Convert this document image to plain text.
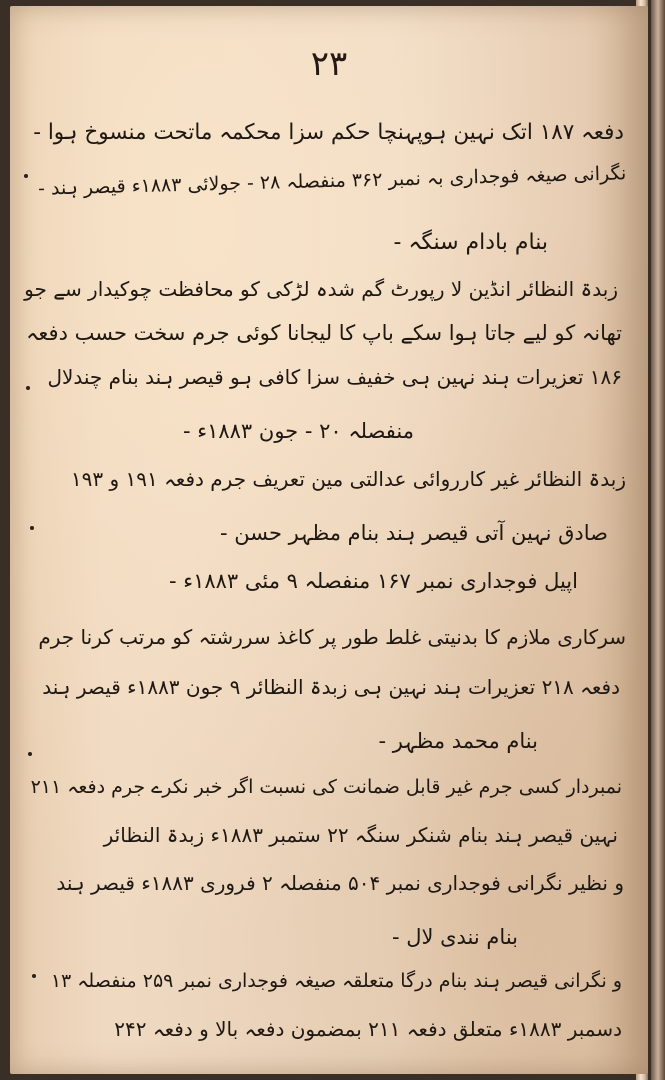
۲۳
دفعہ ۱۸۷ اتک نہین ہوپہنچا حکم سزا محکمہ ماتحت منسوخ ہوا -
نگرانی صیغہ فوجداری بہ نمبر ۳۶۲ منفصلہ ۲۸ - جولائی ۱۸۸۳ء قیصر ہند -
بنام بادام سنگہ -
زبدۃ النظائر انڈین لا رپورٹ گم شدہ لڑکی کو محافظت چوکیدار سے جو
تھانہ کو لیے جاتا ہوا سکے باپ کا لیجانا کوئی جرم سخت حسب دفعہ
۱۸۶ تعزیرات ہند نہین ہی خفیف سزا کافی ہو قیصر ہند بنام چندلال
منفصلہ ۲۰ - جون ۱۸۸۳ء -
زبدۃ النظائر غیر کارروائی عدالتی مین تعریف جرم دفعہ ۱۹۱ و ۱۹۳
صادق نہین آتی قیصر ہند بنام مظہر حسن -
اپیل فوجداری نمبر ۱۶۷ منفصلہ ۹ مئی ۱۸۸۳ء -
سرکاری ملازم کا بدنیتی غلط طور پر کاغذ سررشتہ کو مرتب کرنا جرم
دفعہ ۲۱۸ تعزیرات ہند نہین ہی زبدۃ النظائر ۹ جون ۱۸۸۳ء قیصر ہند
بنام محمد مظہر -
نمبردار کسی جرم غیر قابل ضمانت کی نسبت اگر خبر نکرے جرم دفعہ ۲۱۱
نہین قیصر ہند بنام شنکر سنگہ ۲۲ ستمبر ۱۸۸۳ء زبدۃ النظائر
و نظیر نگرانی فوجداری نمبر ۵۰۴ منفصلہ ۲ فروری ۱۸۸۳ء قیصر ہند
بنام نندی لال -
و نگرانی قیصر ہند بنام درگا متعلقہ صیغہ فوجداری نمبر ۲۵۹ منفصلہ ۱۳
دسمبر ۱۸۸۳ء متعلق دفعہ ۲۱۱ بمضمون دفعہ بالا و دفعہ ۲۴۲
